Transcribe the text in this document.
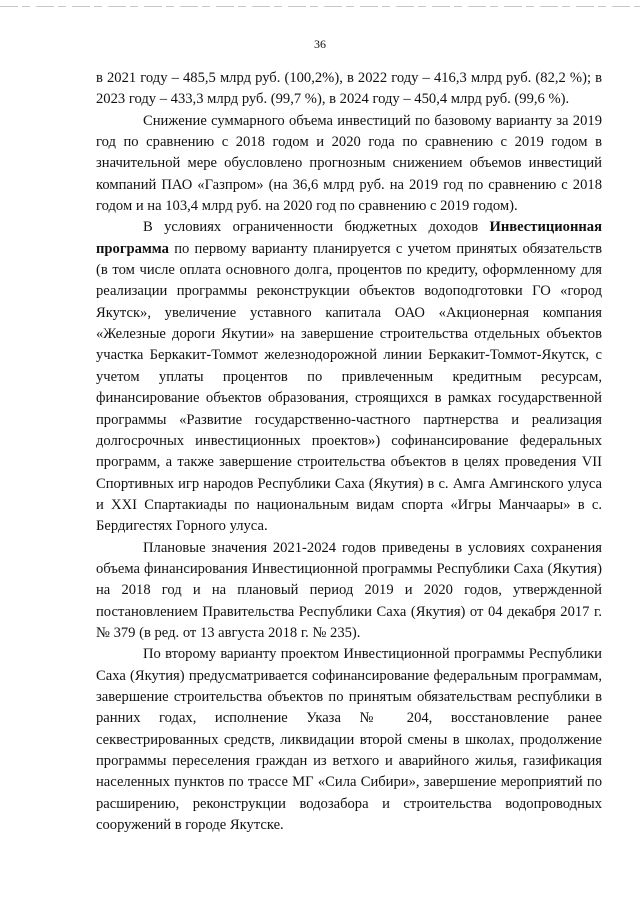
36

в 2021 году – 485,5 млрд руб. (100,2%), в 2022 году – 416,3 млрд руб. (82,2 %); в 2023 году – 433,3 млрд руб. (99,7 %), в 2024 году – 450,4 млрд руб. (99,6 %).

Снижение суммарного объема инвестиций по базовому варианту за 2019 год по сравнению с 2018 годом и 2020 года по сравнению с 2019 годом в значительной мере обусловлено прогнозным снижением объемов инвестиций компаний ПАО «Газпром» (на 36,6 млрд руб. на 2019 год по сравнению с 2018 годом и на 103,4 млрд руб. на 2020 год по сравнению с 2019 годом).

В условиях ограниченности бюджетных доходов Инвестиционная программа по первому варианту планируется с учетом принятых обязательств (в том числе оплата основного долга, процентов по кредиту, оформленному для реализации программы реконструкции объектов водоподготовки ГО «город Якутск», увеличение уставного капитала ОАО «Акционерная компания «Железные дороги Якутии» на завершение строительства отдельных объектов участка Беркакит-Томмот железнодорожной линии Беркакит-Томмот-Якутск, с учетом уплаты процентов по привлеченным кредитным ресурсам, финансирование объектов образования, строящихся в рамках государственной программы «Развитие государственно-частного партнерства и реализация долгосрочных инвестиционных проектов») софинансирование федеральных программ, а также завершение строительства объектов в целях проведения VII Спортивных игр народов Республики Саха (Якутия) в с. Амга Амгинского улуса и XXI Спартакиады по национальным видам спорта «Игры Манчаары» в с. Бердигестях Горного улуса.

Плановые значения 2021-2024 годов приведены в условиях сохранения объема финансирования Инвестиционной программы Республики Саха (Якутия) на 2018 год и на плановый период 2019 и 2020 годов, утвержденной постановлением Правительства Республики Саха (Якутия) от 04 декабря 2017 г. № 379 (в ред. от 13 августа 2018 г. № 235).

По второму варианту проектом Инвестиционной программы Республики Саха (Якутия) предусматривается софинансирование федеральным программам, завершение строительства объектов по принятым обязательствам республики в ранних годах, исполнение Указа № 204, восстановление ранее секвестрированных средств, ликвидации второй смены в школах, продолжение программы переселения граждан из ветхого и аварийного жилья, газификация населенных пунктов по трассе МГ «Сила Сибири», завершение мероприятий по расширению, реконструкции водозабора и строительства водопроводных сооружений в городе Якутске.
